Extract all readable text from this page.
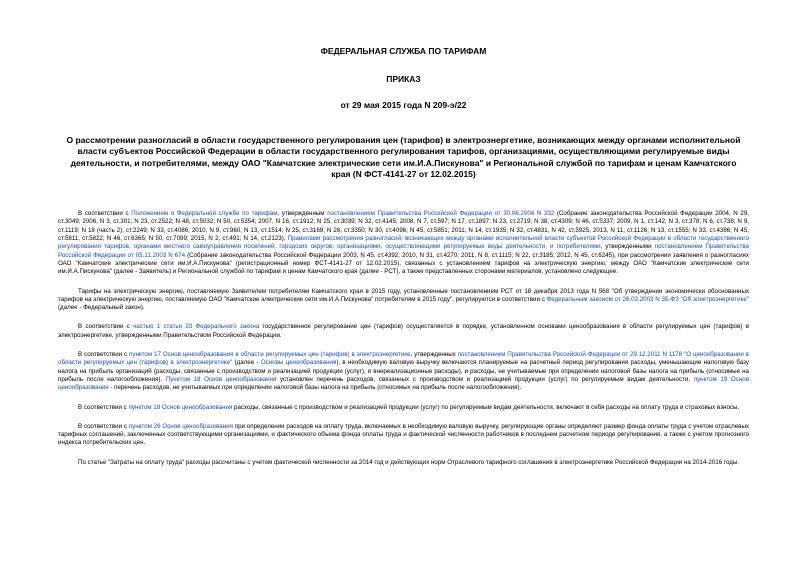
ФЕДЕРАЛЬНАЯ СЛУЖБА ПО ТАРИФАМ

ПРИКАЗ

от 29 мая 2015 года N 209-э/22

О рассмотрении разногласий в области государственного регулирования цен (тарифов) в электроэнергетике, возникающих между органами исполнительной власти субъектов Российской Федерации в области государственного регулирования тарифов, организациями, осуществляющими регулируемые виды деятельности, и потребителями, между ОАО "Камчатские электрические сети им.И.А.Пискунова" и Региональной службой по тарифам и ценам Камчатского края (N ФСТ-4141-27 от 12.02.2015)

В соответствии с Положением о Федеральной службе по тарифам, утвержденным постановлением Правительства Российской Федерации от 30.06.2004 N 332 (Собрание законодательства Российской Федерации 2004, N 29, ст.3049; 2006, N 3, ст.301; N 23, ст.2522; N 48, ст.5032; N 50, ст.5354; 2007, N 16, ст.1912; N 25, ст.3039; N 32, ст.4145; 2008, N 7, ст.597; N 17, ст.1897; N 23, ст.2719; N 38, ст.4309; N 46, ст.5337; 2009, N 1, ст.142; N 3, ст.378; N 6, ст.738; N 9, ст.1119; N 18 (часть 2), ст.2249; N 33, ст.4086; 2010, N 9, ст.960; N 13, ст.1514; N 25, ст.3169; N 26, ст.3350; N 30, ст.4096; N 45, ст.5851; 2011, N 14, ст.1935; N 32, ст.4831, N 42, ст.5925, 2013, N 11, ст.1126; N 13, ст.1555; N 33, ст.4386; N 45, ст.5811, ст.5822; N 46, ст.6365; N 50, ст.7099; 2015, N 2, ст.491; N 14, ст.2123), Правилами рассмотрения разногласий, возникающих между органами исполнительной власти субъектов Российской Федерации в области государственного регулирования тарифов, органами местного самоуправления поселений, городских округов, организациями, осуществляющими регулируемые виды деятельности, и потребителями, утвержденными постановлением Правительства Российской Федерации от 05.11.2003 N 674 (Собрание законодательства Российской Федерации 2003, N 45, ст.4392; 2010, N 31, ст.4270; 2011, N 8, ст.1115; N 22, ст.3185; 2012, N 45, ст.6245), при рассмотрении заявления о разногласиях ОАО "Камчатские электрические сети им.И.А.Пискунова" (регистрационный номер ФСТ-4141-27 от 12.02.2015), связанных с установлением тарифов на электрическую энергию, между ОАО "Камчатские электрические сети им.И.А.Пискунова" (далее - Заявитель) и Региональной службой по тарифам и ценам Камчатского края (далее - РСТ), а также представленных сторонами материалов, установлено следующее.

Тарифы на электрическую энергию, поставляемую Заявителем потребителям Камчатского края в 2015 году, установленные постановлением РСТ от 18 декабря 2013 года N 568 "Об утверждении экономически обоснованных тарифов на электрическую энергию, поставляемую ОАО "Камчатские электрические сети им.И.А.Пискунова" потребителям в 2015 году", регулируются в соответствии с Федеральным законом от 26.03.2003 N 35-ФЗ "Об электроэнергетике" (далее - Федеральный закон).

В соответствии с частью 1 статьи 23 Федерального закона государственное регулирование цен (тарифов) осуществляется в порядке, установленном основами ценообразования в области регулируемых цен (тарифов) в электроэнергетике, утвержденными Правительством Российской Федерации.

В соответствии с пунктом 17 Основ ценообразования в области регулируемых цен (тарифов) в электроэнергетике, утвержденных постановлением Правительства Российской Федерации от 29.12.2011 N 1178 "О ценообразовании в области регулируемых цен (тарифов) в электроэнергетике" (далее - Основы ценообразования), в необходимую валовую выручку включаются планируемые на расчетный период регулирования расходы, уменьшающие налоговую базу налога на прибыль организаций (расходы, связанные с производством и реализацией продукции (услуг), и внереализационные расходы), и расходы, не учитываемые при определении налоговой базы налога на прибыль (относимые на прибыль после налогообложения). Пунктом 18 Основ ценообразования установлен перечень расходов, связанных с производством и реализацией продукции (услуг) по регулируемым видам деятельности, пунктом 19 Основ ценообразования - перечень расходов, не учитываемых при определении налоговой базы налога на прибыль (относимых на прибыль после налогообложения).

В соответствии с пунктом 18 Основ ценообразования расходы, связанные с производством и реализацией продукции (услуг) по регулируемым видам деятельности, включают в себя расходы на оплату труда и страховых взносы.

В соответствии с пунктом 26 Основ ценообразования при определении расходов на оплату труда, включаемых в необходимую валовую выручку, регулирующие органы определяют размер фонда оплаты труда с учетом отраслевых тарифных соглашений, заключенных соответствующими организациями, и фактического объема фонда оплаты труда и фактической численности работников в последнем расчетном периоде регулирования, а также с учетом прогнозного индекса потребительских цен.

По статье "Затраты на оплату труда" расходы рассчитаны с учетом фактической численности за 2014 год и действующих норм Отраслевого тарифного соглашения в электроэнергетике Российской Федерации на 2014-2016 годы.
